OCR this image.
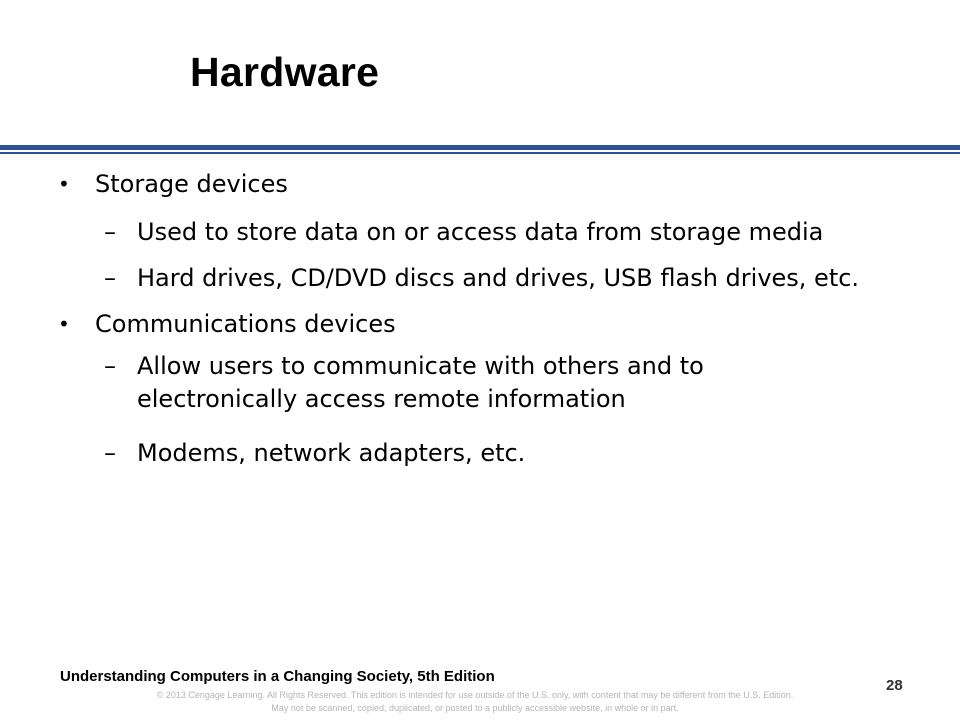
Hardware
• Storage devices

– Used to store data on or access data from storage media

– Hard drives, CD/DVD discs and drives, USB flash drives, etc.

• Communications devices

– Allow users to communicate with others and to

electronically access remote information

– Modems, network adapters, etc.

Understanding Computers in a Changing Society, 5th Edition
28
© 2013 Cengage Learning. All Rights Reserved. This edition is intended for use outside of the U.S. only, with content that may be different from the U.S. Edition.
May not be scanned, copied, duplicated, or posted to a publicly accessible website, in whole or in part.
